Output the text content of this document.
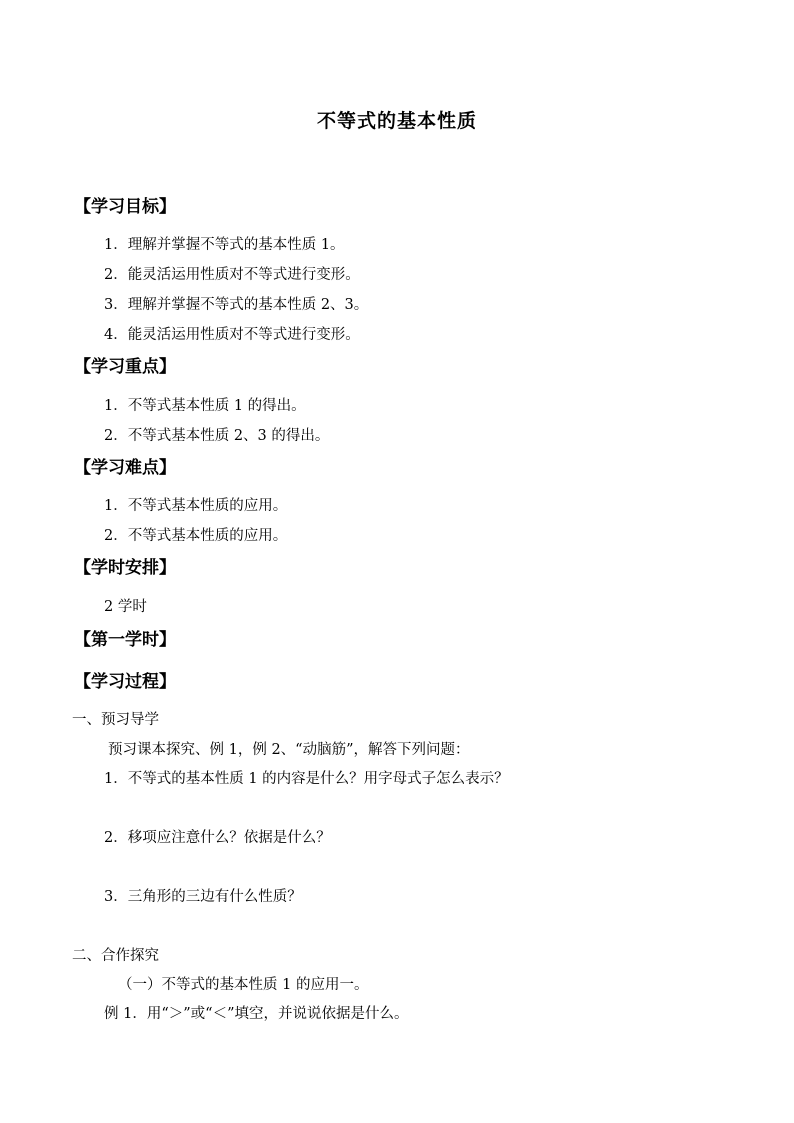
不等式的基本性质
【学习目标】
1．理解并掌握不等式的基本性质 1。
2．能灵活运用性质对不等式进行变形。
3．理解并掌握不等式的基本性质 2、3。
4．能灵活运用性质对不等式进行变形。
【学习重点】
1．不等式基本性质 1 的得出。
2．不等式基本性质 2、3 的得出。
【学习难点】
1．不等式基本性质的应用。
2．不等式基本性质的应用。
【学时安排】
2 学时
【第一学时】
【学习过程】
一、预习导学
预习课本探究、例 1，例 2、“动脑筋”，解答下列问题：
1．不等式的基本性质 1 的内容是什么？用字母式子怎么表示？
2．移项应注意什么？依据是什么？
3．三角形的三边有什么性质？
二、合作探究
（一）不等式的基本性质 1 的应用一。
例 1．用“＞”或“＜”填空，并说说依据是什么。
